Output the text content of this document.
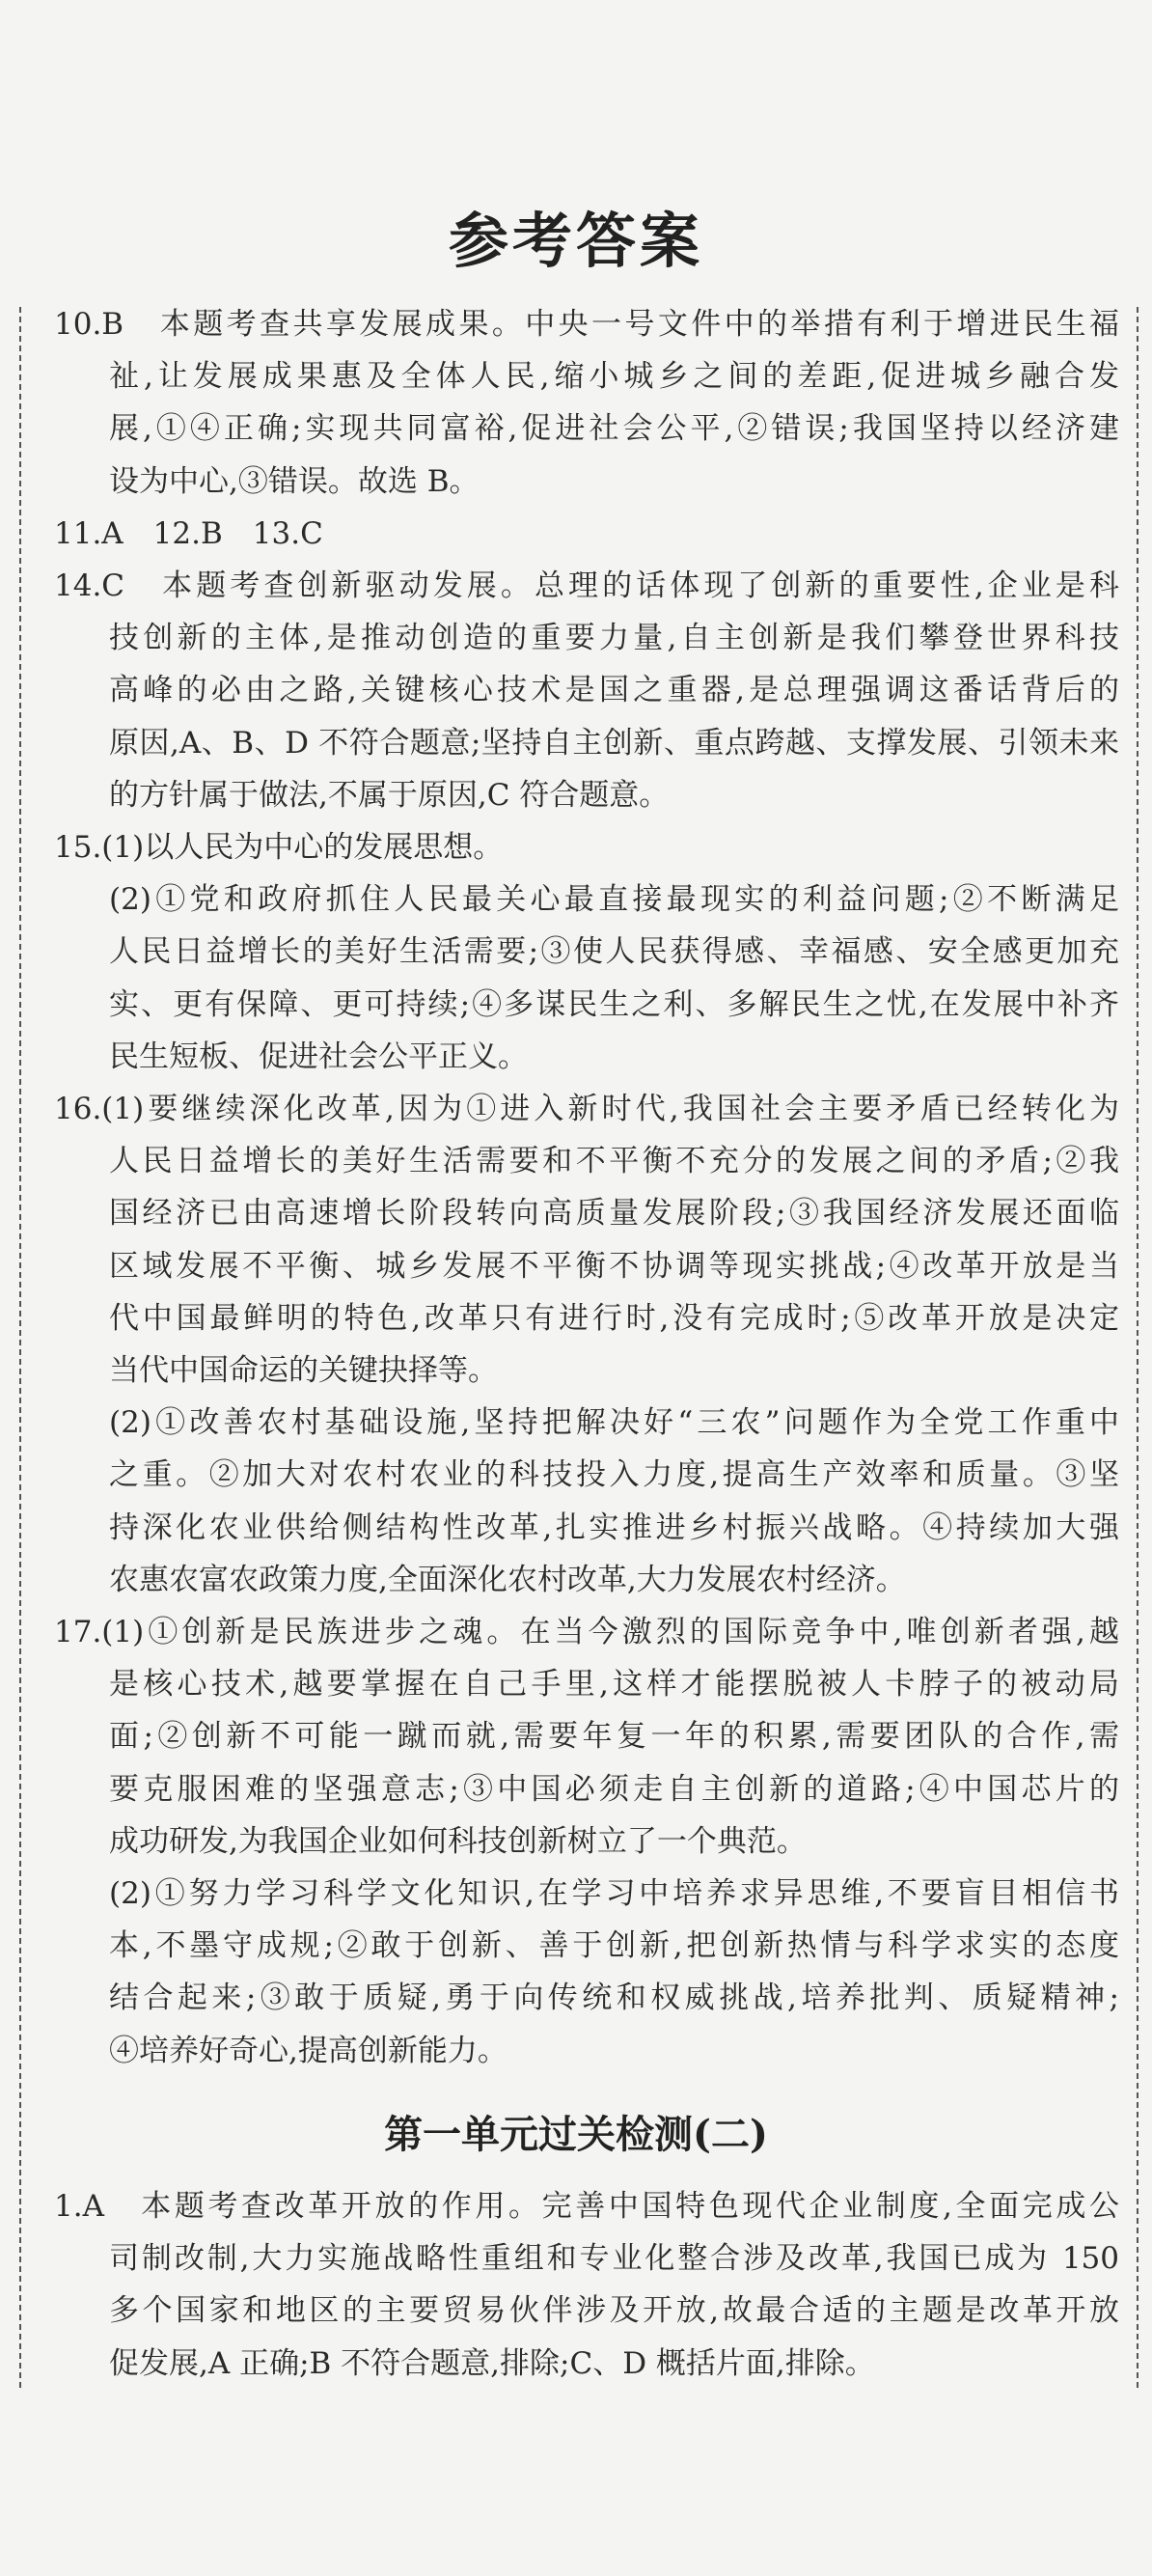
参考答案
10.B　本题考查共享发展成果。中央一号文件中的举措有利于增进民生福
祉,让发展成果惠及全体人民,缩小城乡之间的差距,促进城乡融合发
展,①④正确;实现共同富裕,促进社会公平,②错误;我国坚持以经济建
设为中心,③错误。故选 B。
11.A　12.B　13.C
14.C　本题考查创新驱动发展。总理的话体现了创新的重要性,企业是科
技创新的主体,是推动创造的重要力量,自主创新是我们攀登世界科技
高峰的必由之路,关键核心技术是国之重器,是总理强调这番话背后的
原因,A、B、D 不符合题意;坚持自主创新、重点跨越、支撑发展、引领未来
的方针属于做法,不属于原因,C 符合题意。
15.(1)以人民为中心的发展思想。
(2)①党和政府抓住人民最关心最直接最现实的利益问题;②不断满足
人民日益增长的美好生活需要;③使人民获得感、幸福感、安全感更加充
实、更有保障、更可持续;④多谋民生之利、多解民生之忧,在发展中补齐
民生短板、促进社会公平正义。
16.(1)要继续深化改革,因为①进入新时代,我国社会主要矛盾已经转化为
人民日益增长的美好生活需要和不平衡不充分的发展之间的矛盾;②我
国经济已由高速增长阶段转向高质量发展阶段;③我国经济发展还面临
区域发展不平衡、城乡发展不平衡不协调等现实挑战;④改革开放是当
代中国最鲜明的特色,改革只有进行时,没有完成时;⑤改革开放是决定
当代中国命运的关键抉择等。
(2)①改善农村基础设施,坚持把解决好“三农”问题作为全党工作重中
之重。②加大对农村农业的科技投入力度,提高生产效率和质量。③坚
持深化农业供给侧结构性改革,扎实推进乡村振兴战略。④持续加大强
农惠农富农政策力度,全面深化农村改革,大力发展农村经济。
17.(1)①创新是民族进步之魂。在当今激烈的国际竞争中,唯创新者强,越
是核心技术,越要掌握在自己手里,这样才能摆脱被人卡脖子的被动局
面;②创新不可能一蹴而就,需要年复一年的积累,需要团队的合作,需
要克服困难的坚强意志;③中国必须走自主创新的道路;④中国芯片的
成功研发,为我国企业如何科技创新树立了一个典范。
(2)①努力学习科学文化知识,在学习中培养求异思维,不要盲目相信书
本,不墨守成规;②敢于创新、善于创新,把创新热情与科学求实的态度
结合起来;③敢于质疑,勇于向传统和权威挑战,培养批判、质疑精神;
④培养好奇心,提高创新能力。
第一单元过关检测(二)
1.A　本题考查改革开放的作用。完善中国特色现代企业制度,全面完成公
司制改制,大力实施战略性重组和专业化整合涉及改革,我国已成为 150
多个国家和地区的主要贸易伙伴涉及开放,故最合适的主题是改革开放
促发展,A 正确;B 不符合题意,排除;C、D 概括片面,排除。
